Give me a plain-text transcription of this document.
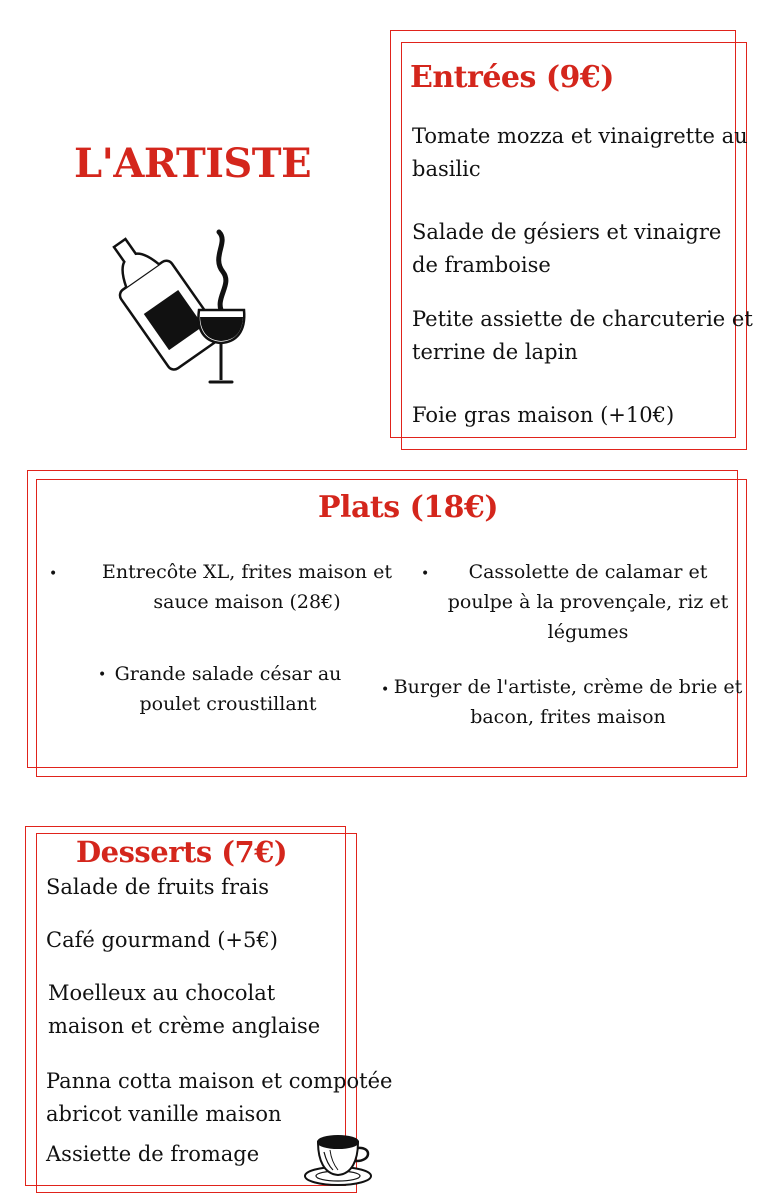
L'ARTISTE
Entrées (9€)

Tomate mozza et vinaigrette au basilic

Salade de gésiers et vinaigre de framboise

Petite assiette de charcuterie et terrine de lapin

Foie gras maison (+10€)

Plats (18€)
•	Entrecôte XL, frites maison et sauce maison (28€)

•	Cassolette de calamar et poulpe à la provençale, riz et légumes

• Grande salade césar au poulet croustillant

• Burger de l'artiste, crème de brie et bacon, frites maison

Desserts (7€)

Salade de fruits frais

Café gourmand (+5€)

Moelleux au chocolat maison et crème anglaise

Panna cotta maison et compotée abricot vanille maison

Assiette de fromage
